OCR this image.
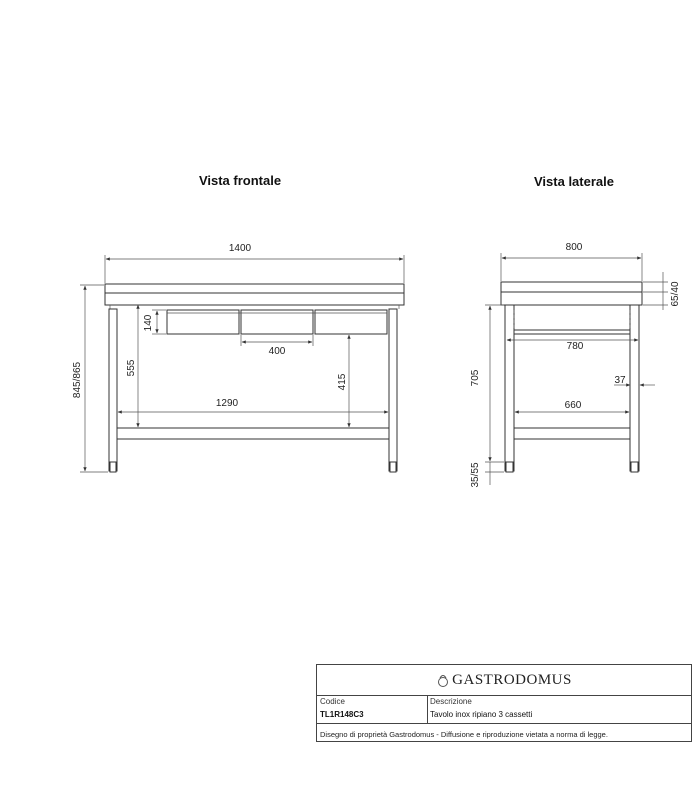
Vista frontale	Vista laterale
1400
845/865
140
400
555
415
1290
800
65/40
780
705
35/55
37
660
GASTRODOMUS
Codice
TL1R148C3
Descrizione
Tavolo inox ripiano 3 cassetti
Disegno di proprietà Gastrodomus - Diffusione e riproduzione vietata a norma di legge.
